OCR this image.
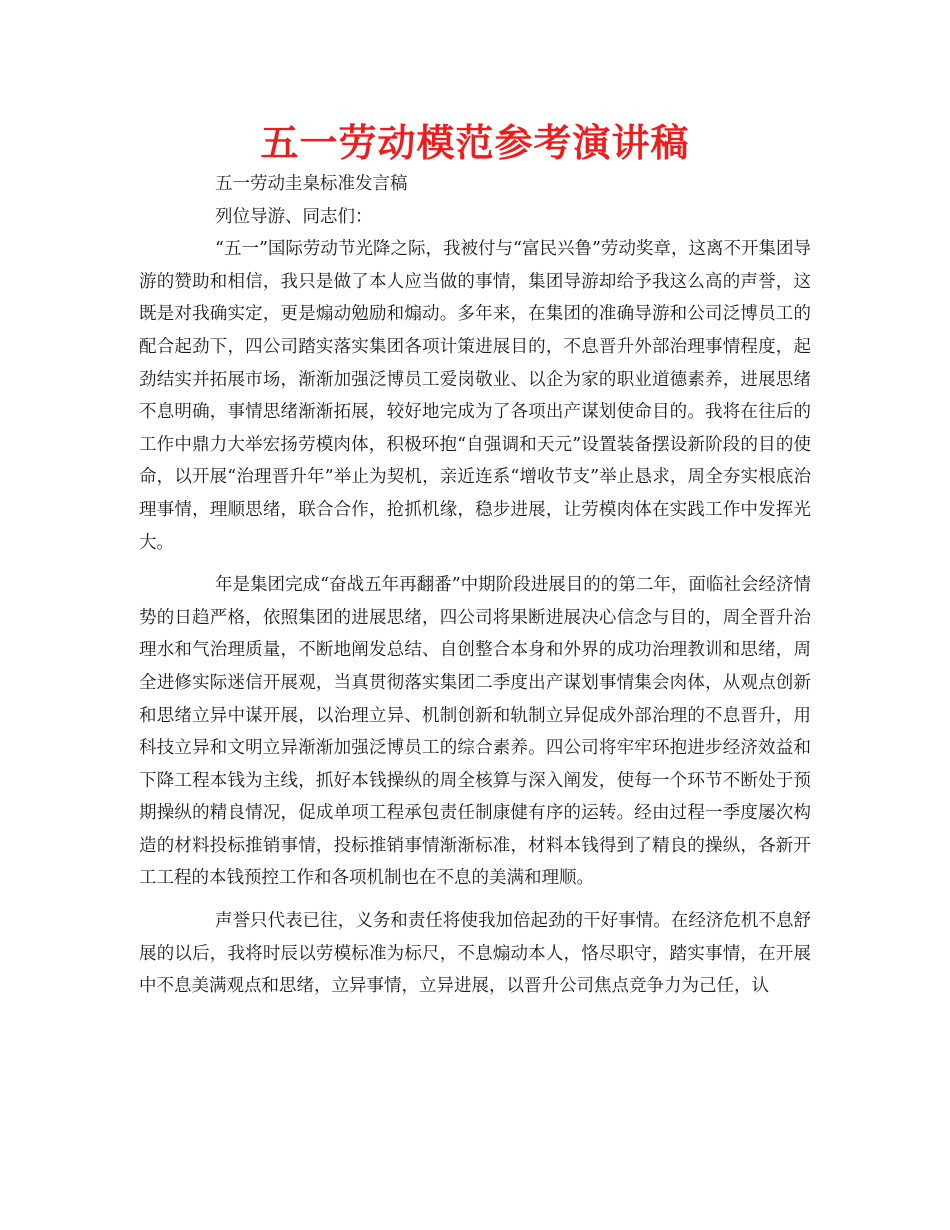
五一劳动模范参考演讲稿

五一劳动圭臬标准发言稿

列位导游、同志们：

“五一”国际劳动节光降之际，我被付与“富民兴鲁”劳动奖章，这离不开集团导游的赞助和相信，我只是做了本人应当做的事情，集团导游却给予我这么高的声誉，这既是对我确实定，更是煽动勉励和煽动。多年来，在集团的准确导游和公司泛博员工的配合起劲下，四公司踏实落实集团各项计策进展目的，不息晋升外部治理事情程度，起劲结实并拓展市场，渐渐加强泛博员工爱岗敬业、以企为家的职业道德素养，进展思绪不息明确，事情思绪渐渐拓展，较好地完成为了各项出产谋划使命目的。我将在往后的工作中鼎力大举宏扬劳模肉体，积极环抱“自强调和天元”设置装备摆设新阶段的目的使命，以开展“治理晋升年”举止为契机，亲近连系“增收节支”举止恳求，周全夯实根底治理事情，理顺思绪，联合合作，抢抓机缘，稳步进展，让劳模肉体在实践工作中发挥光大。

年是集团完成“奋战五年再翻番”中期阶段进展目的的第二年，面临社会经济情势的日趋严格，依照集团的进展思绪，四公司将果断进展决心信念与目的，周全晋升治理水和气治理质量，不断地阐发总结、自创整合本身和外界的成功治理教训和思绪，周全进修实际迷信开展观，当真贯彻落实集团二季度出产谋划事情集会肉体，从观点创新和思绪立异中谋开展，以治理立异、机制创新和轨制立异促成外部治理的不息晋升，用科技立异和文明立异渐渐加强泛博员工的综合素养。四公司将牢牢环抱进步经济效益和下降工程本钱为主线，抓好本钱操纵的周全核算与深入阐发，使每一个环节不断处于预期操纵的精良情况，促成单项工程承包责任制康健有序的运转。经由过程一季度屡次构造的材料投标推销事情，投标推销事情渐渐标准，材料本钱得到了精良的操纵，各新开工工程的本钱预控工作和各项机制也在不息的美满和理顺。

声誉只代表已往，义务和责任将使我加倍起劲的干好事情。在经济危机不息舒展的以后，我将时辰以劳模标准为标尺，不息煽动本人，恪尽职守，踏实事情，在开展中不息美满观点和思绪，立异事情，立异进展，以晋升公司焦点竞争力为己任，认
